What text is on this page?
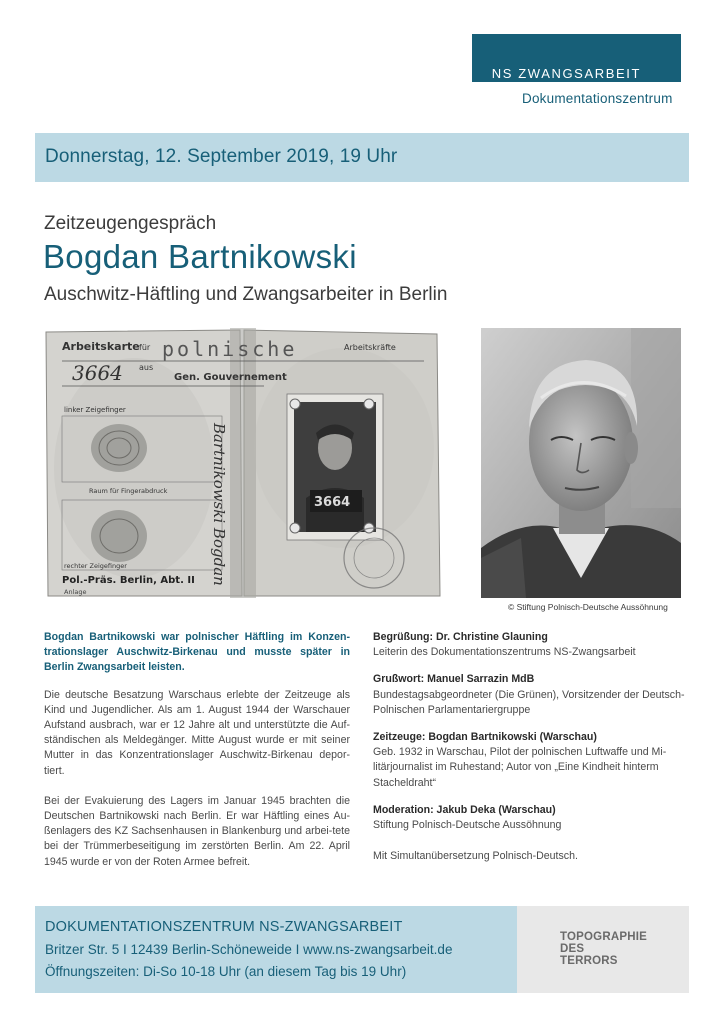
NS ZWANGSARBEIT
Dokumentationszentrum
Donnerstag, 12. September 2019, 19 Uhr
Zeitzeugengespräch
Bogdan Bartnikowski
Auschwitz-Häftling und Zwangsarbeiter in Berlin
Arbeitskarte für polnische	Arbeitskräfte
3664 aus
Gen. Gouvernement
linker Zeigefinger
Raum für Fingerabdruck
rechter Zeigefinger
Pol.-Präs. Berlin, Abt. II
Anlage
Bartnikowski Bogdan	3664
© Stiftung Polnisch-Deutsche Aussöhnung

Bogdan Bartnikowski war polnischer Häftling im Konzen-trationslager Auschwitz-Birkenau und musste später in Berlin Zwangsarbeit leisten.

Die deutsche Besatzung Warschaus erlebte der Zeitzeuge als Kind und Jugendlicher. Als am 1. August 1944 der Warschauer Aufstand ausbrach, war er 12 Jahre alt und unterstützte die Auf-ständischen als Meldegänger. Mitte August wurde er mit seiner Mutter in das Konzentrationslager Auschwitz-Birkenau depor-tiert.

Bei der Evakuierung des Lagers im Januar 1945 brachten die Deutschen Bartnikowski nach Berlin. Er war Häftling eines Au-ßenlagers des KZ Sachsenhausen in Blankenburg und arbei-tete bei der Trümmerbeseitigung im zerstörten Berlin. Am 22. April 1945 wurde er von der Roten Armee befreit.

Begrüßung: Dr. Christine Glauning
Leiterin des Dokumentationszentrums NS-Zwangsarbeit
Grußwort: Manuel Sarrazin MdB
Bundestagsabgeordneter (Die Grünen), Vorsitzender der Deutsch-Polnischen Parlamentariergruppe
Zeitzeuge: Bogdan Bartnikowski (Warschau)
Geb. 1932 in Warschau, Pilot der polnischen Luftwaffe und Mi-litärjournalist im Ruhestand; Autor von „Eine Kindheit hinterm Stacheldraht“
Moderation: Jakub Deka (Warschau)
Stiftung Polnisch-Deutsche Aussöhnung
Mit Simultanübersetzung Polnisch-Deutsch.
DOKUMENTATIONSZENTRUM NS-ZWANGSARBEIT
Britzer Str. 5 I 12439 Berlin-Schöneweide I www.ns-zwangsarbeit.de
Öffnungszeiten: Di-So 10-18 Uhr (an diesem Tag bis 19 Uhr)
TOPOGRAPHIE
DES
TERRORS
